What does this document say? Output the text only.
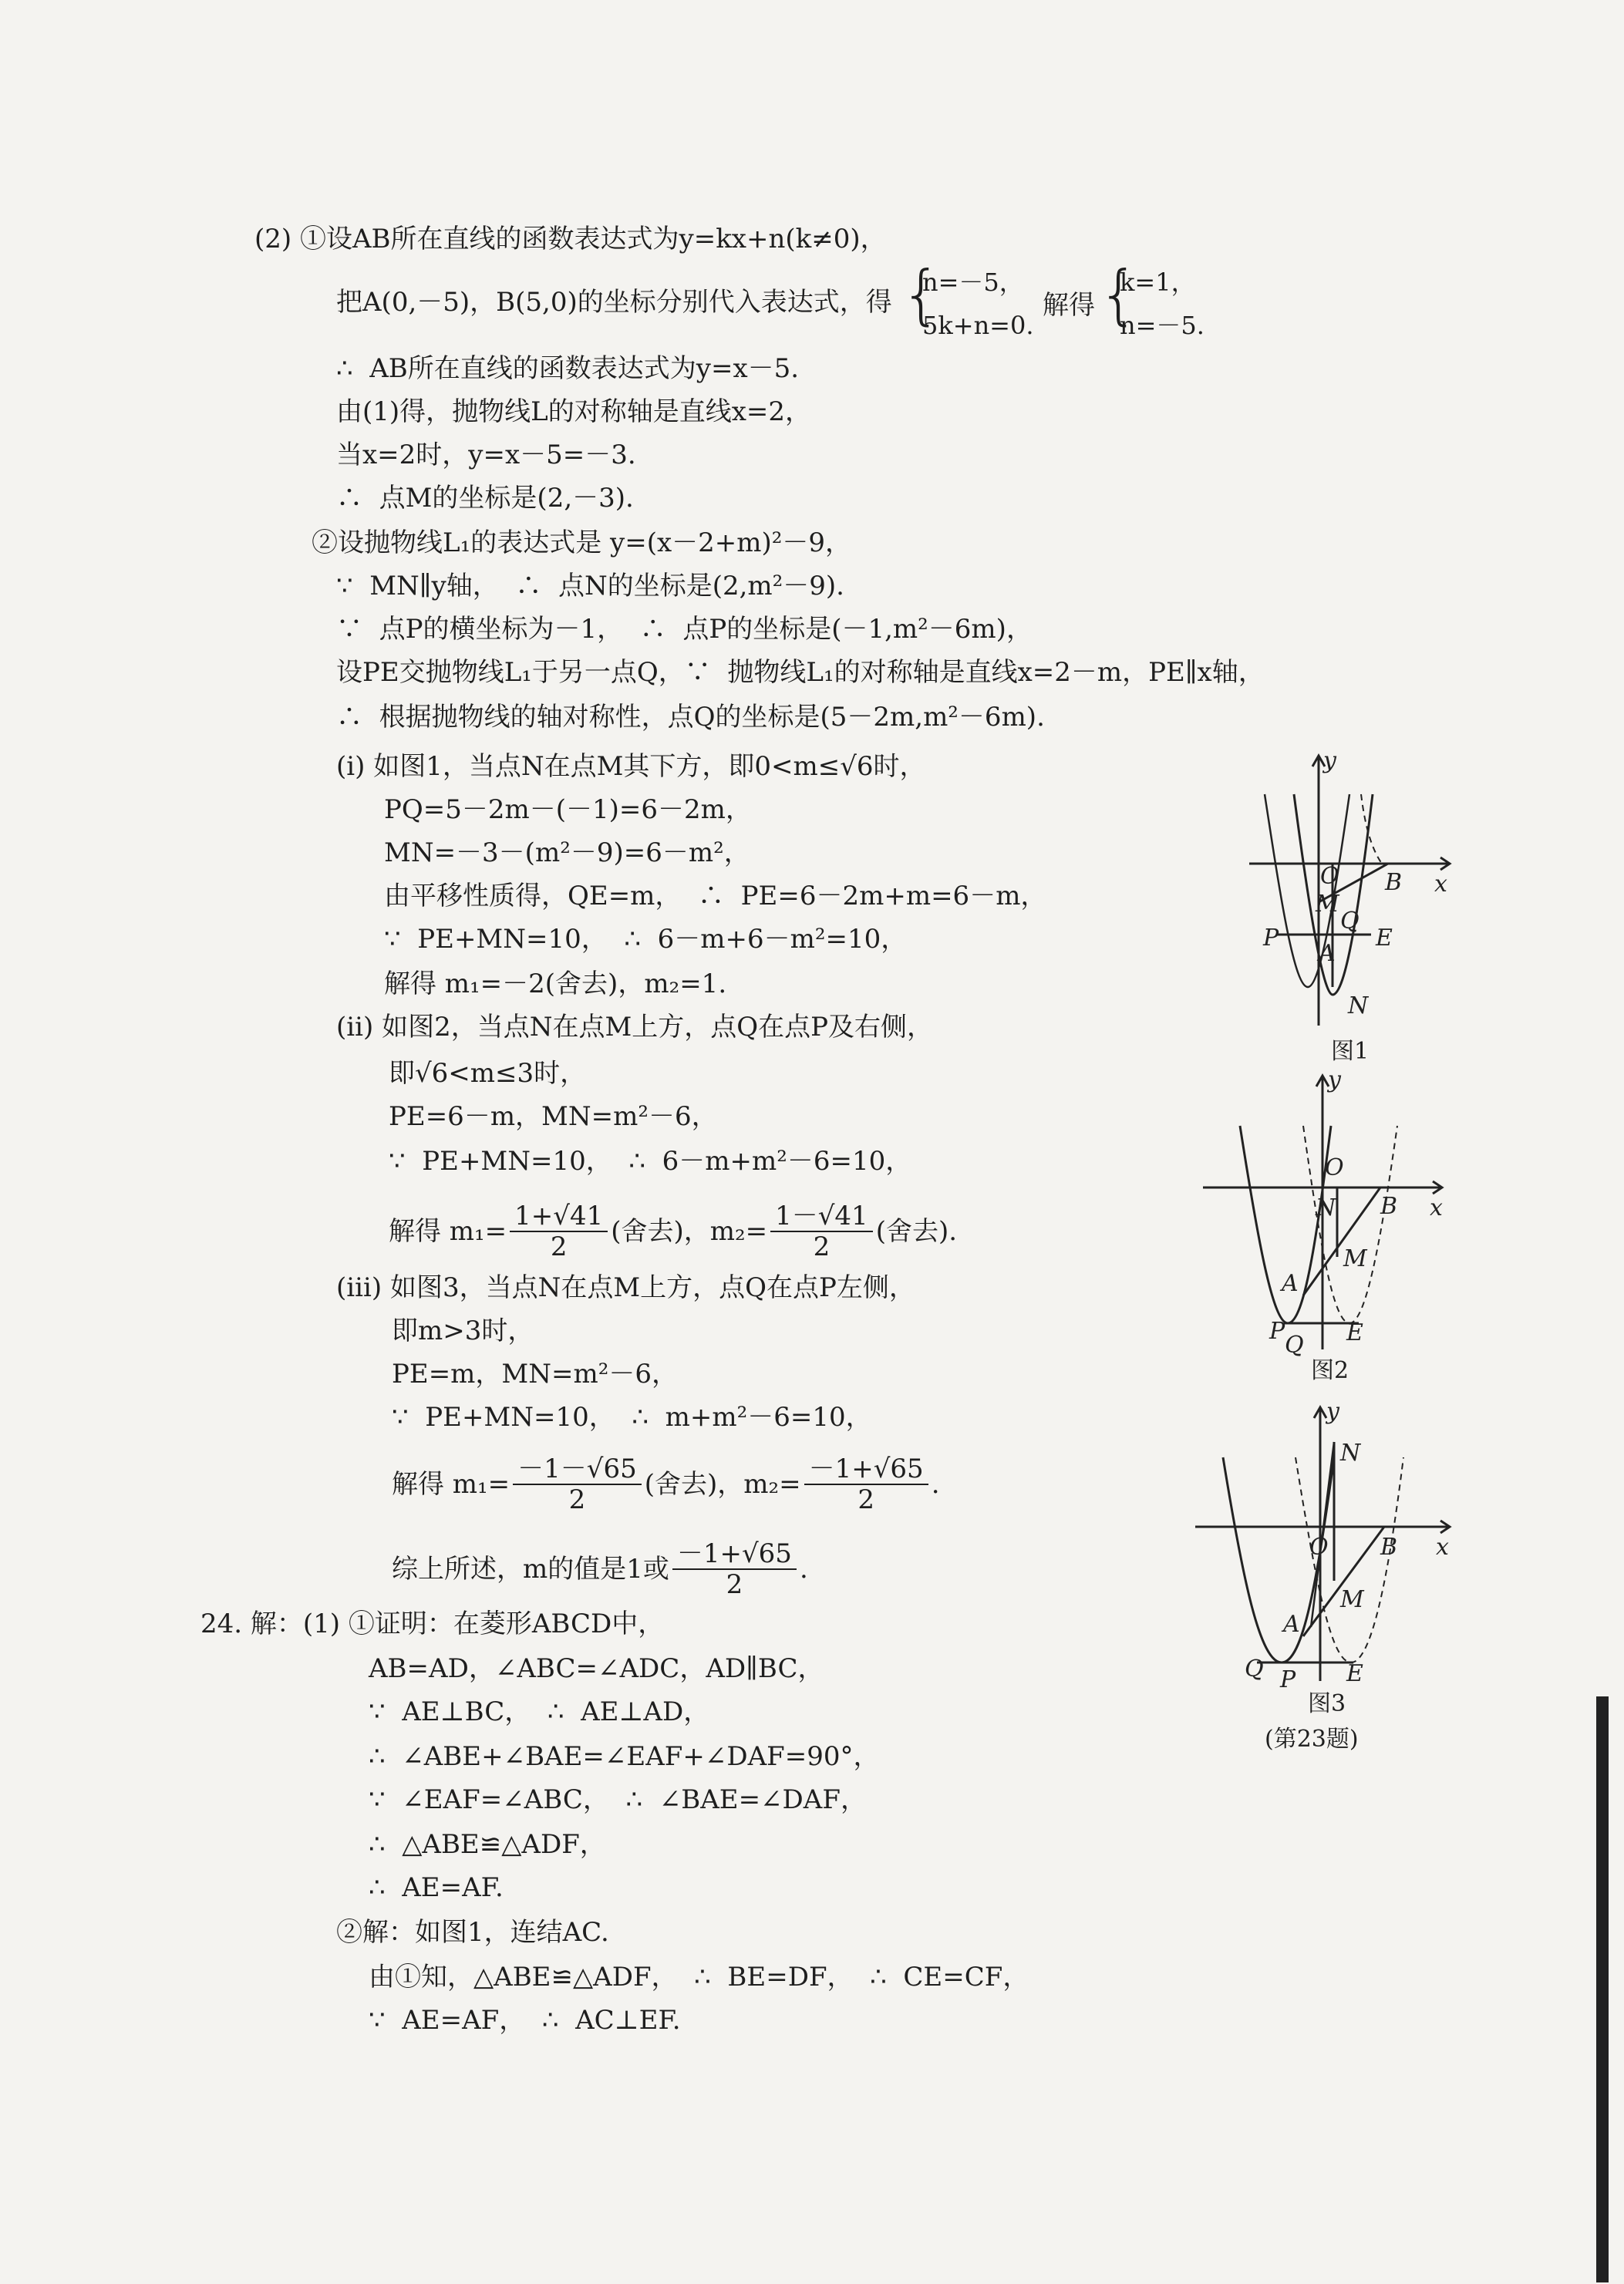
(2) ①设AB所在直线的函数表达式为y=kx+n(k≠0)，
把A(0,－5)，B(5,0)的坐标分别代入表达式，得 {
n=－5，
5k+n=0.
解得 {
k=1，
n=－5.
∴  AB所在直线的函数表达式为y=x－5.
由(1)得，抛物线L的对称轴是直线x=2，
当x=2时，y=x－5=－3.
∴  点M的坐标是(2,－3).
②设抛物线L₁的表达式是 y=(x－2+m)²－9，
∵  MN∥y轴，  ∴  点N的坐标是(2,m²－9).
∵  点P的横坐标为－1，  ∴  点P的坐标是(－1,m²－6m)，
设PE交抛物线L₁于另一点Q，∵  抛物线L₁的对称轴是直线x=2－m，PE∥x轴，
∴  根据抛物线的轴对称性，点Q的坐标是(5－2m,m²－6m).
(i) 如图1，当点N在点M其下方，即0<m≤√6时，
PQ=5－2m－(－1)=6－2m，
MN=－3－(m²－9)=6－m²，
由平移性质得，QE=m，  ∴  PE=6－2m+m=6－m，
∵  PE+MN=10，  ∴  6－m+6－m²=10，
解得 m₁=－2(舍去)，m₂=1.
(ii) 如图2，当点N在点M上方，点Q在点P及右侧，
即√6<m≤3时，
PE=6－m，MN=m²－6，
∵  PE+MN=10，  ∴  6－m+m²－6=10，
解得 $m_1= \frac{1+√41}{2}$ (舍去)，$m_2= \frac{1-√41}{2}$ (舍去).
(iii) 如图3，当点N在点M上方，点Q在点P左侧，
即m>3时，
PE=m，MN=m²－6，
∵  PE+MN=10，  ∴  m+m²－6=10，
解得 $m_1= \frac{-1-√65}{2}$ (舍去)，$m_2= \frac{-1+√65}{2}$ .
综上所述，m的值是1或 $\frac{-1+√65}{2}$ .
24. 解：(1) ①证明：在菱形ABCD中，
AB=AD，∠ABC=∠ADC，AD∥BC，
∵  AE⊥BC，  ∴  AE⊥AD，
∴  ∠ABE+∠BAE=∠EAF+∠DAF=90°，
∵  ∠EAF=∠ABC，  ∴  ∠BAE=∠DAF，
∴  △ABE≌△ADF，
∴  AE=AF.
②解：如图1，连结AC.
由①知，△ABE≌△ADF，  ∴  BE=DF，  ∴  CE=CF，
∵  AE=AF，  ∴  AC⊥EF.
y
x
O B
M
Q
P
A
E
N
图1
y
x
O
N B
M
A
P
Q E
图2
y
x
N
O B
M
A
Q P E
图3
(第23题)
